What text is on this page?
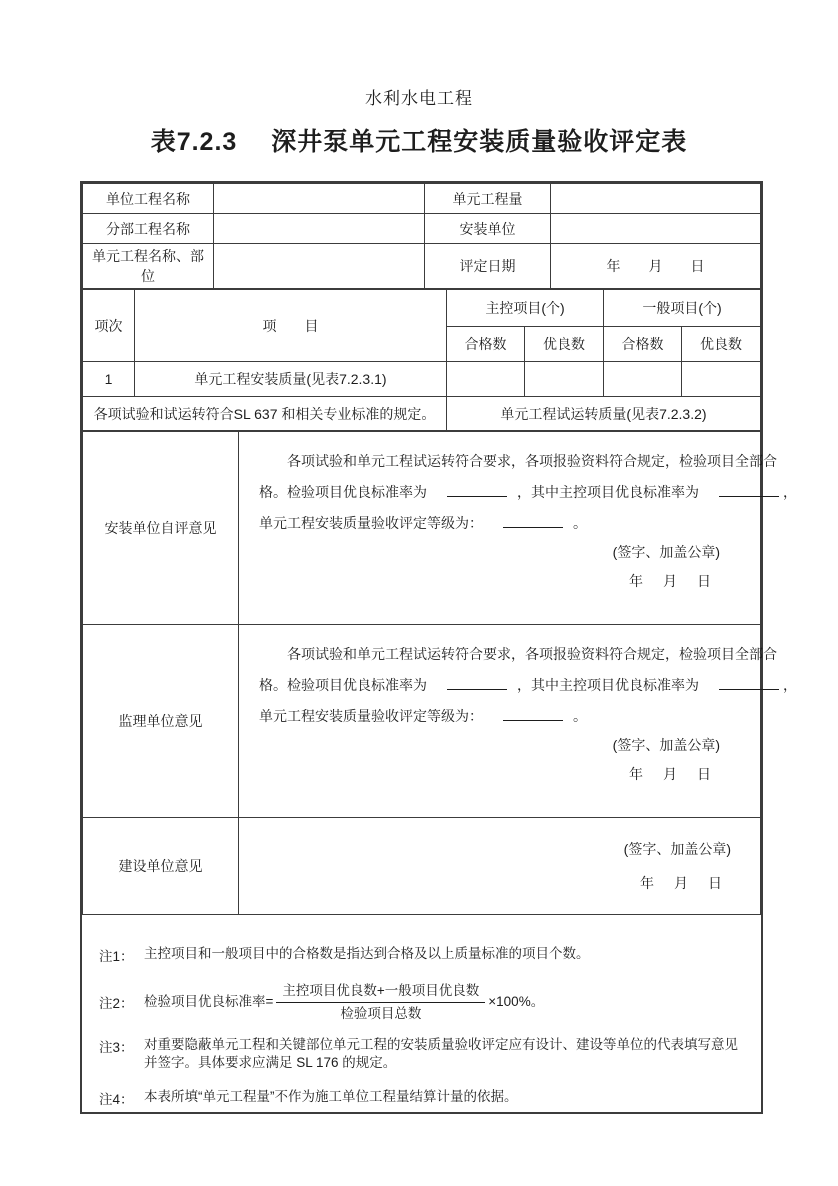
水利水电工程
表7.2.3 深井泵单元工程安装质量验收评定表
单位工程名称		单元工程量	
分部工程名称		安装单位	
单元工程名称、部位		评定日期	年　　月　　日
项次	项　　目	主控项目(个)		一般项目(个)	
		合格数	优良数	合格数	优良数
1	单元工程安装质量(见表7.2.3.1)				
各项试验和试运转符合SL 637 和相关专业标准的规定。		单元工程试运转质量(见表7.2.3.2)			
安装单位自评意见	各项试验和单元工程试运转符合要求，各项报验资料符合规定，检验项目全部合
格。检验项目优良标准率为 ，其中主控项目优良标准率为 ，
单元工程安装质量验收评定等级为： 。
(签字、加盖公章)
年　月　日

监理单位意见	各项试验和单元工程试运转符合要求，各项报验资料符合规定，检验项目全部合
格。检验项目优良标准率为 ，其中主控项目优良标准率为 ，
单元工程安装质量验收评定等级为： 。
(签字、加盖公章)
年　月　日

建设单位意见	(签字、加盖公章)
年　月　日
注1： 主控项目和一般项目中的合格数是指达到合格及以上质量标准的项目个数。
注2： 检验项目优良标准率= $\frac{\text{主控项目优良数+一般项目优良数}}{\text{检验项目总数}} \times 100\%$。
注3： 对重要隐蔽单元工程和关键部位单元工程的安装质量验收评定应有设计、建设等单位的代表填写意见
并签字。具体要求应满足 SL 176 的规定。
注4： 本表所填“单元工程量”不作为施工单位工程量结算计量的依据。
